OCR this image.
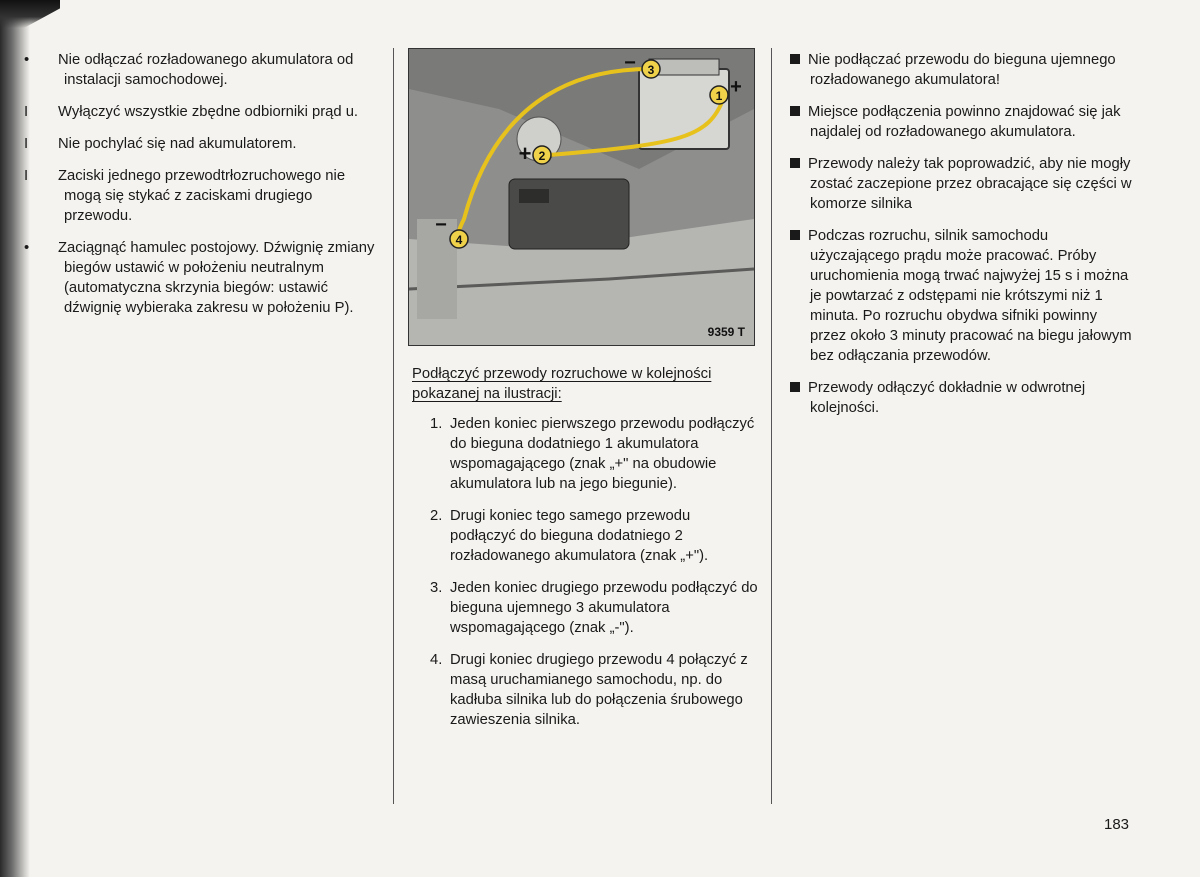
• Nie odłączać rozładowanego akumulatora od instalacji samochodowej.

I Wyłączyć wszystkie zbędne odbiorniki prąd u.

I Nie pochylać się nad akumulatorem.

I Zaciski jednego przewodtrłozruchowego nie mogą się stykać z zaciskami drugiego przewodu.

• Zaciągnąć hamulec postojowy. Dźwignię zmiany biegów ustawić w położeniu neutralnym (automatyczna skrzynia biegów: ustawić dźwignię wybieraka zakresu w położeniu P).

1
2
3
4
+
+
−
−
9359 T

Podłączyć przewody rozruchowe w kolejności pokazanej na ilustracji:

1. Jeden koniec pierwszego przewodu podłączyć do bieguna dodatniego 1 akumulatora wspomagającego (znak „+" na obudowie akumulatora lub na jego biegunie).
2. Drugi koniec tego samego przewodu podłączyć do bieguna dodatniego 2 rozładowanego akumulatora (znak „+").
3. Jeden koniec drugiego przewodu podłączyć do bieguna ujemnego 3 akumulatora wspomagającego (znak „-").
4. Drugi koniec drugiego przewodu 4 połączyć z masą uruchamianego samochodu, np. do kadłuba silnika lub do połączenia śrubowego zawieszenia silnika.

Nie podłączać przewodu do bieguna ujemnego rozładowanego akumulatora!

Miejsce podłączenia powinno znajdować się jak najdalej od rozładowanego akumulatora.

Przewody należy tak poprowadzić, aby nie mogły zostać zaczepione przez obracające się części w komorze silnika

Podczas rozruchu, silnik samochodu użyczającego prądu może pracować. Próby uruchomienia mogą trwać najwyżej 15 s i można je powtarzać z odstępami nie krótszymi niż 1 minuta. Po rozruchu obydwa sifniki powinny przez około 3 minuty pracować na biegu jałowym bez odłączania przewodów.

Przewody odłączyć dokładnie w odwrotnej kolejności.

183
